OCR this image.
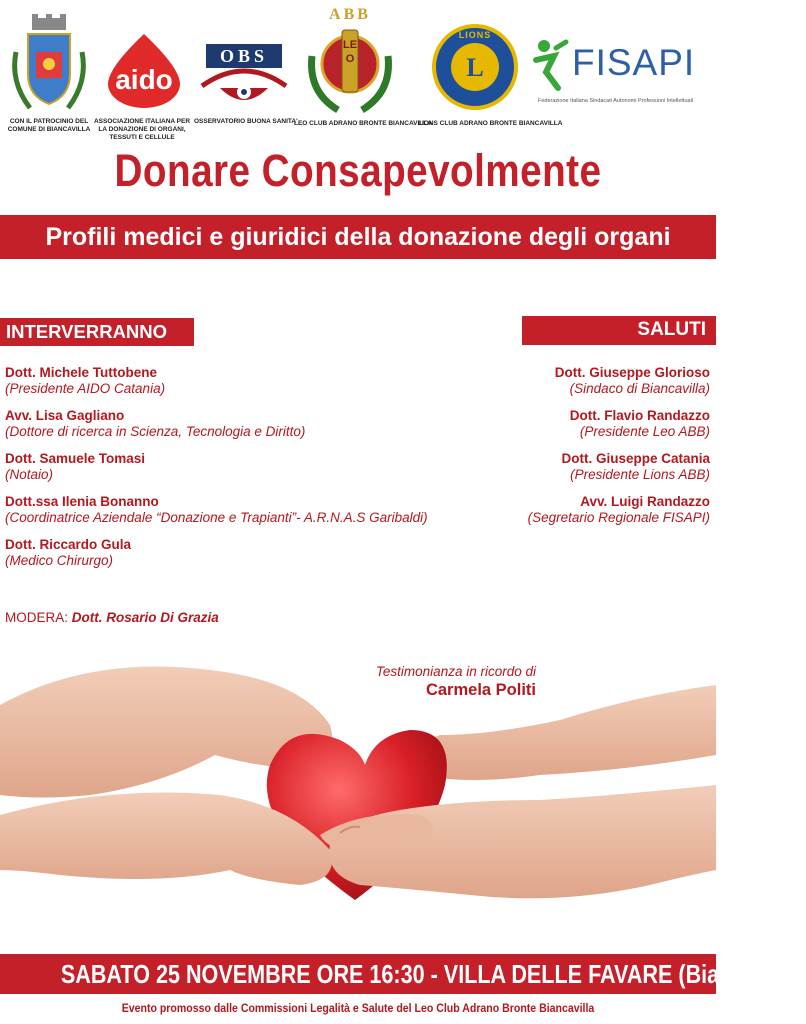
CON IL PATROCINIO DEL COMUNE DI BIANCAVILLA
aido
ASSOCIAZIONE ITALIANA PER LA DONAZIONE DI ORGANI, TESSUTI E CELLULE
OBS
OSSERVATORIO BUONA SANITA'
ABB
LEO
LEO CLUB ADRANO BRONTE BIANCAVILLA
L
LIONS
LIONS CLUB ADRANO BRONTE BIANCAVILLA
FISAPI
Federazione Italiana Sindacati Autonomi Professioni Intellettuali
Donare Consapevolmente
Profili medici e giuridici della donazione degli organi
INTERVERRANNO
Dott. Michele Tuttobene
(Presidente AIDO Catania)
Avv. Lisa Gagliano
(Dottore di ricerca in Scienza, Tecnologia e Diritto)
Dott. Samuele Tomasi
(Notaio)
Dott.ssa Ilenia Bonanno
(Coordinatrice Aziendale “Donazione e Trapianti”- A.R.N.A.S Garibaldi)
Dott. Riccardo Gula
(Medico Chirurgo)
SALUTI
Dott. Giuseppe Glorioso
(Sindaco di Biancavilla)
Dott. Flavio Randazzo
(Presidente Leo ABB)
Dott. Giuseppe Catania
(Presidente Lions ABB)
Avv. Luigi Randazzo
(Segretario Regionale FISAPI)
MODERA: Dott. Rosario Di Grazia
Testimonianza in ricordo di
Carmela Politi
SABATO 25 NOVEMBRE ORE 16:30 - VILLA DELLE FAVARE (Biancavilla)
Evento promosso dalle Commissioni Legalità e Salute del Leo Club Adrano Bronte Biancavilla
